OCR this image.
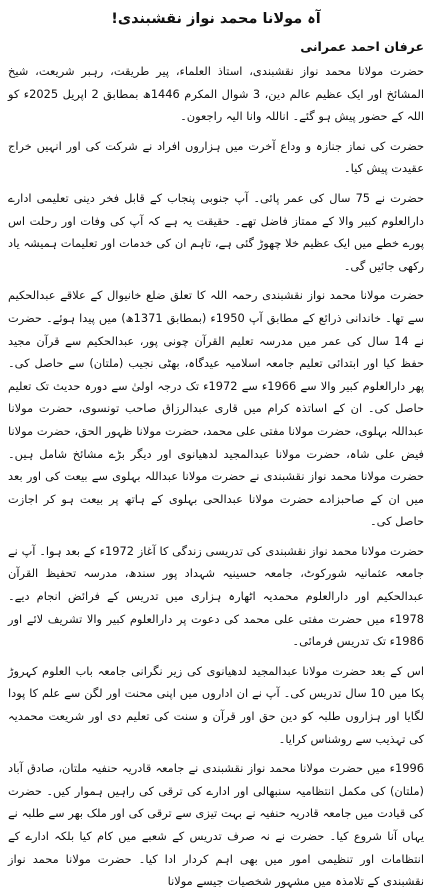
آہ مولانا محمد نواز نقشبندی!
عرفان احمد عمرانی

حضرت مولانا محمد نواز نقشبندی، استاذ العلماء، پیر طریقت، رہبر شریعت، شیخ المشائخ اور ایک عظیم عالم دین، 3 شوال المکرم 1446ھ بمطابق 2 اپریل 2025ء کو اللہ کے حضور پیش ہو گئے۔ اناللہ وانا الیہ راجعون۔

حضرت کی نماز جنازہ و وداع آخرت میں ہزاروں افراد نے شرکت کی اور انہیں خراج عقیدت پیش کیا۔

حضرت نے 75 سال کی عمر پائی۔ آپ جنوبی پنجاب کے قابل فخر دینی تعلیمی ادارے دارالعلوم کبیر والا کے ممتاز فاضل تھے۔ حقیقت یہ ہے کہ آپ کی وفات اور رحلت اس پورے خطے میں ایک عظیم خلا چھوڑ گئی ہے، تاہم ان کی خدمات اور تعلیمات ہمیشہ یاد رکھی جائیں گی۔

حضرت مولانا محمد نواز نقشبندی رحمہ اللہ کا تعلق ضلع خانیوال کے علاقے عبدالحکیم سے تھا۔ خاندانی ذرائع کے مطابق آپ 1950ء (بمطابق 1371ھ) میں پیدا ہوئے۔ حضرت نے 14 سال کی عمر میں مدرسہ تعلیم القرآن چونی پور، عبدالحکیم سے قرآن مجید حفظ کیا اور ابتدائی تعلیم جامعہ اسلامیہ عیدگاہ، بھٹی نجیب (ملتان) سے حاصل کی۔ پھر دارالعلوم کبیر والا سے 1966ء سے 1972ء تک درجہ اولیٰ سے دورہ حدیث تک تعلیم حاصل کی۔ ان کے اساتذہ کرام میں قاری عبدالرزاق صاحب تونسوی، حضرت مولانا عبداللہ بہلوی، حضرت مولانا مفتی علی محمد، حضرت مولانا ظہور الحق، حضرت مولانا فیض علی شاہ، حضرت مولانا عبدالمجید لدھیانوی اور دیگر بڑے مشائخ شامل ہیں۔ حضرت مولانا محمد نواز نقشبندی نے حضرت مولانا عبداللہ بہلوی سے بیعت کی اور بعد میں ان کے صاحبزادے حضرت مولانا عبدالحی بہلوی کے ہاتھ پر بیعت ہو کر اجازت حاصل کی۔

حضرت مولانا محمد نواز نقشبندی کی تدریسی زندگی کا آغاز 1972ء کے بعد ہوا۔ آپ نے جامعہ عثمانیہ شورکوٹ، جامعہ حسینیہ شہداد پور سندھ، مدرسہ تحفیظ القرآن عبدالحکیم اور دارالعلوم محمدیہ اٹھارہ ہزاری میں تدریس کے فرائض انجام دیے۔ 1978ء میں حضرت مفتی علی محمد کی دعوت پر دارالعلوم کبیر والا تشریف لائے اور 1986ء تک تدریس فرمائی۔

اس کے بعد حضرت مولانا عبدالمجید لدھیانوی کی زیر نگرانی جامعہ باب العلوم کہروڑ پکا میں 10 سال تدریس کی۔ آپ نے ان اداروں میں اپنی محنت اور لگن سے علم کا پودا لگایا اور ہزاروں طلبہ کو دین حق اور قرآن و سنت کی تعلیم دی اور شریعت محمدیہ کی تہذیب سے روشناس کرایا۔

1996ء میں حضرت مولانا محمد نواز نقشبندی نے جامعہ قادریہ حنفیہ ملتان، صادق آباد (ملتان) کی مکمل انتظامیہ سنبھالی اور ادارے کی ترقی کی راہیں ہموار کیں۔ حضرت کی قیادت میں جامعہ قادریہ حنفیہ نے بہت تیزی سے ترقی کی اور ملک بھر سے طلبہ نے یہاں آنا شروع کیا۔ حضرت نے نہ صرف تدریس کے شعبے میں کام کیا بلکہ ادارے کے انتظامات اور تنظیمی امور میں بھی اہم کردار ادا کیا۔ حضرت مولانا محمد نواز نقشبندی کے تلامذہ میں مشہور شخصیات جیسے مولانا
